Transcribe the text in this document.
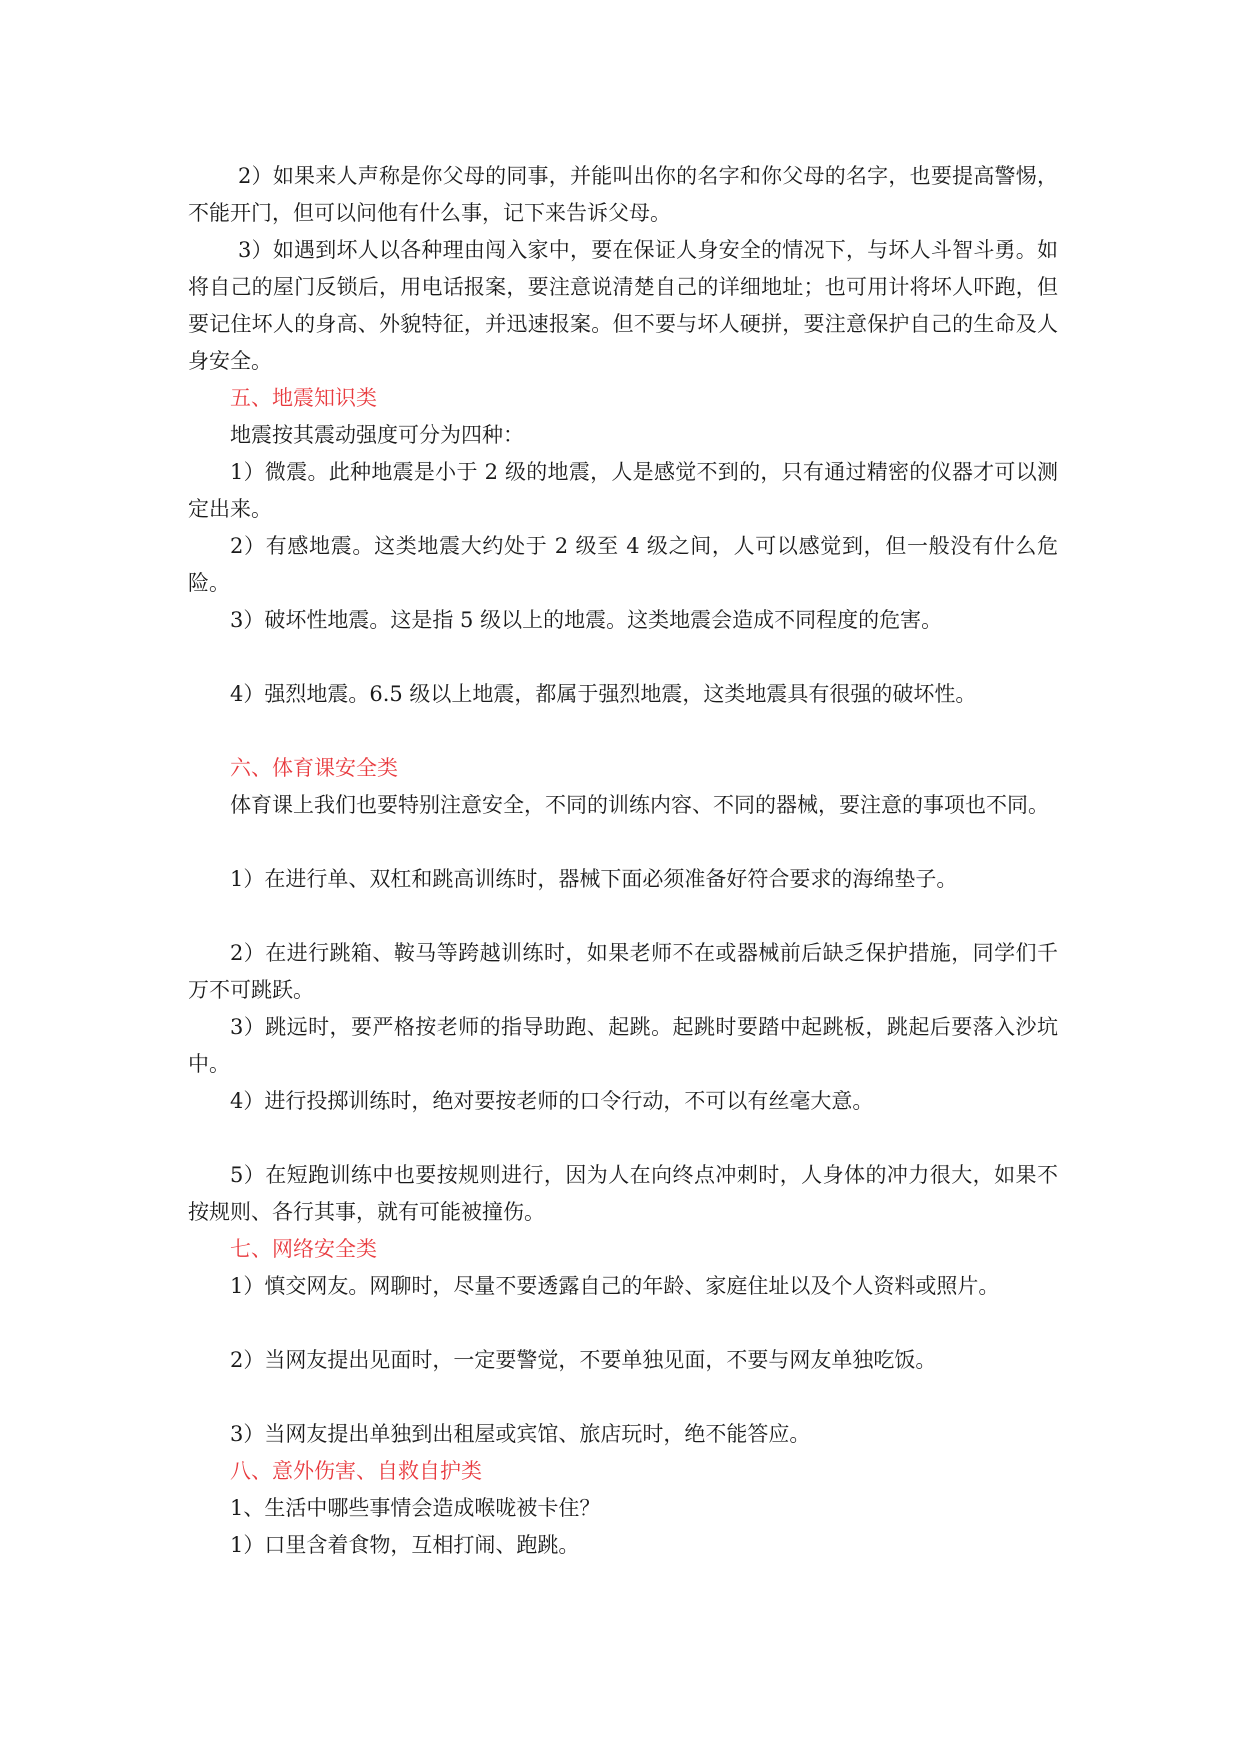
2）如果来人声称是你父母的同事，并能叫出你的名字和你父母的名字，也要提高警惕，不能开门，但可以问他有什么事，记下来告诉父母。

3）如遇到坏人以各种理由闯入家中，要在保证人身安全的情况下，与坏人斗智斗勇。如将自己的屋门反锁后，用电话报案，要注意说清楚自己的详细地址；也可用计将坏人吓跑，但要记住坏人的身高、外貌特征，并迅速报案。但不要与坏人硬拼，要注意保护自己的生命及人身安全。

五、地震知识类

地震按其震动强度可分为四种：

1）微震。此种地震是小于 2 级的地震，人是感觉不到的，只有通过精密的仪器才可以测定出来。

2）有感地震。这类地震大约处于 2 级至 4 级之间，人可以感觉到，但一般没有什么危险。

3）破坏性地震。这是指 5 级以上的地震。这类地震会造成不同程度的危害。

4）强烈地震。6.5 级以上地震，都属于强烈地震，这类地震具有很强的破坏性。

六、体育课安全类

体育课上我们也要特别注意安全，不同的训练内容、不同的器械，要注意的事项也不同。

1）在进行单、双杠和跳高训练时，器械下面必须准备好符合要求的海绵垫子。

2）在进行跳箱、鞍马等跨越训练时，如果老师不在或器械前后缺乏保护措施，同学们千万不可跳跃。

3）跳远时，要严格按老师的指导助跑、起跳。起跳时要踏中起跳板，跳起后要落入沙坑中。

4）进行投掷训练时，绝对要按老师的口令行动，不可以有丝毫大意。

5）在短跑训练中也要按规则进行，因为人在向终点冲刺时，人身体的冲力很大，如果不按规则、各行其事，就有可能被撞伤。

七、网络安全类

1）慎交网友。网聊时，尽量不要透露自己的年龄、家庭住址以及个人资料或照片。

2）当网友提出见面时，一定要警觉，不要单独见面，不要与网友单独吃饭。

3）当网友提出单独到出租屋或宾馆、旅店玩时，绝不能答应。

八、意外伤害、自救自护类

1、生活中哪些事情会造成喉咙被卡住？

1）口里含着食物，互相打闹、跑跳。
